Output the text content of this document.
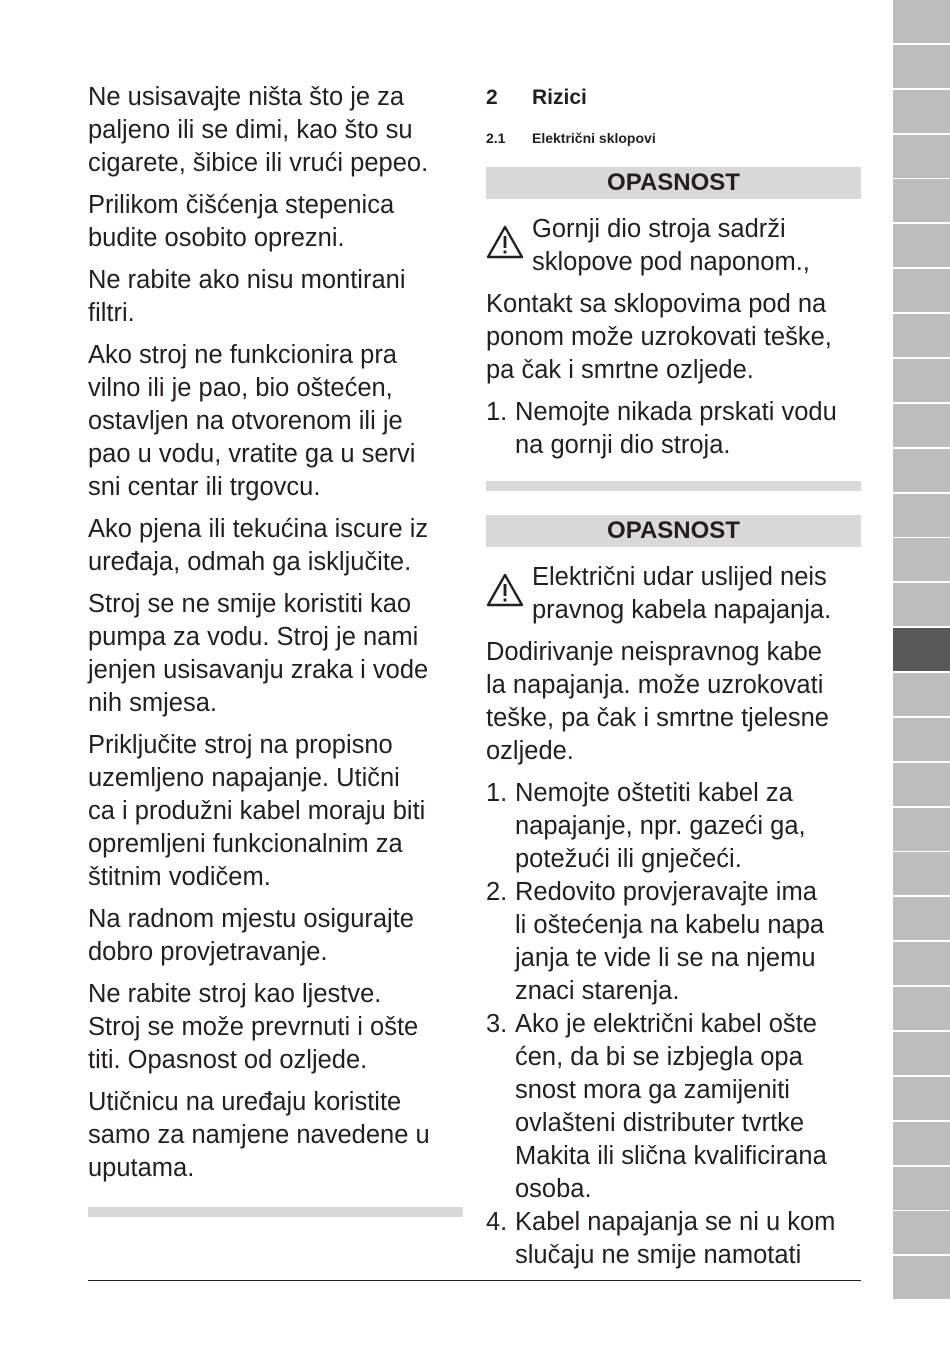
Ne usisavajte ništa što je za
paljeno ili se dimi, kao što su
cigarete, šibice ili vrući pepeo.

Prilikom čišćenja stepenica
budite osobito oprezni.

Ne rabite ako nisu montirani
filtri.

Ako stroj ne funkcionira pra
vilno ili je pao, bio oštećen,
ostavljen na otvorenom ili je
pao u vodu, vratite ga u servi
sni centar ili trgovcu.

Ako pjena ili tekućina iscure iz
uređaja, odmah ga isključite.

Stroj se ne smije koristiti kao
pumpa za vodu. Stroj je nami
jenjen usisavanju zraka i vode
nih smjesa.

Priključite stroj na propisno
uzemljeno napajanje. Utični
ca i produžni kabel moraju biti
opremljeni funkcionalnim za
štitnim vodičem.

Na radnom mjestu osigurajte
dobro provjetravanje.

Ne rabite stroj kao ljestve.
Stroj se može prevrnuti i ošte
titi. Opasnost od ozljede.

Utičnicu na uređaju koristite
samo za namjene navedene u
uputama.

2 Rizici
2.1 Električni sklopovi
OPASNOST

Gornji dio stroja sadrži
sklopove pod naponom.,

Kontakt sa sklopovima pod na
ponom može uzrokovati teške,
pa čak i smrtne ozljede.

1. Nemojte nikada prskati vodu
na gornji dio stroja.
OPASNOST

Električni udar uslijed neis
pravnog kabela napajanja.

Dodirivanje neispravnog kabe
la napajanja. može uzrokovati
teške, pa čak i smrtne tjelesne
ozljede.

1. Nemojte oštetiti kabel za
napajanje, npr. gazeći ga,
potežući ili gnječeći.
2. Redovito provjeravajte ima
li oštećenja na kabelu napa
janja te vide li se na njemu
znaci starenja.
3. Ako je električni kabel ošte
ćen, da bi se izbjegla opa
snost mora ga zamijeniti
ovlašteni distributer tvrtke
Makita ili slična kvalificirana
osoba.
4. Kabel napajanja se ni u kom
slučaju ne smije namotati
